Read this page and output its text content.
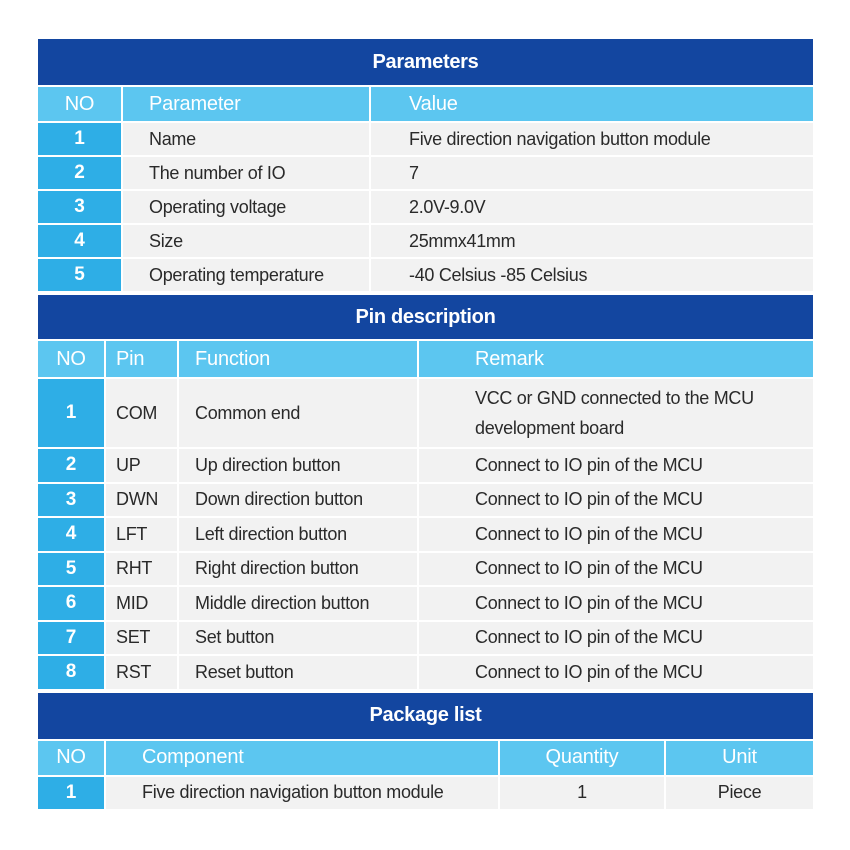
Parameters		
NO	Parameter	Value
1	Name	Five direction navigation button module
2	The number of IO	7
3	Operating voltage	2.0V-9.0V
4	Size	25mmx41mm
5	Operating temperature	-40 Celsius -85 Celsius
Pin description			
NO	Pin	Function	Remark
1	COM	Common end	VCC or GND connected to the MCU development board
2	UP	Up direction button	Connect to IO pin of the MCU
3	DWN	Down direction button	Connect to IO pin of the MCU
4	LFT	Left direction button	Connect to IO pin of the MCU
5	RHT	Right direction button	Connect to IO pin of the MCU
6	MID	Middle direction button	Connect to IO pin of the MCU
7	SET	Set button	Connect to IO pin of the MCU
8	RST	Reset button	Connect to IO pin of the MCU
Package list			
NO	Component	Quantity	Unit
1	Five direction navigation button module	1	Piece
